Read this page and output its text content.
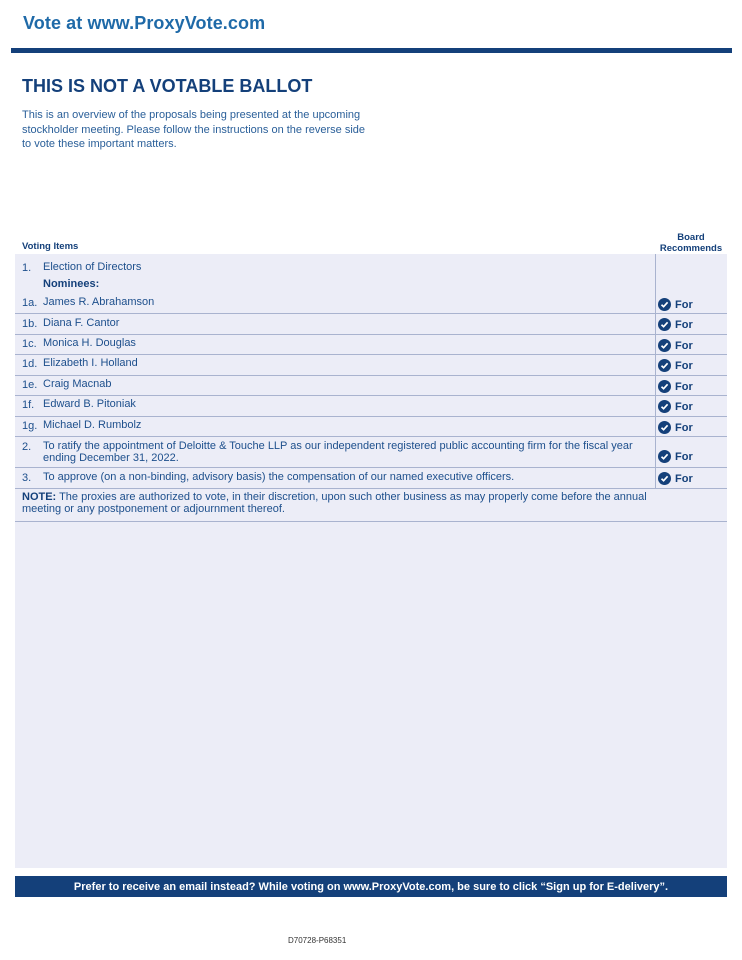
Vote at www.ProxyVote.com
THIS IS NOT A VOTABLE BALLOT
This is an overview of the proposals being presented at the upcoming stockholder meeting. Please follow the instructions on the reverse side to vote these important matters.
Voting Items
Board
Recommends
1. Election of Directors
Nominees:
1a. James R. Abrahamson	For
1b. Diana F. Cantor	For
1c. Monica H. Douglas	For
1d. Elizabeth I. Holland	For
1e. Craig Macnab	For
1f. Edward B. Pitoniak	For
1g. Michael D. Rumbolz	For
2. To ratify the appointment of Deloitte & Touche LLP as our independent registered public accounting firm for the fiscal year ending December 31, 2022.	For
3. To approve (on a non-binding, advisory basis) the compensation of our named executive officers.	For
NOTE: The proxies are authorized to vote, in their discretion, upon such other business as may properly come before the annual meeting or any postponement or adjournment thereof.
Prefer to receive an email instead? While voting on www.ProxyVote.com, be sure to click “Sign up for E-delivery”.
D70728-P68351
